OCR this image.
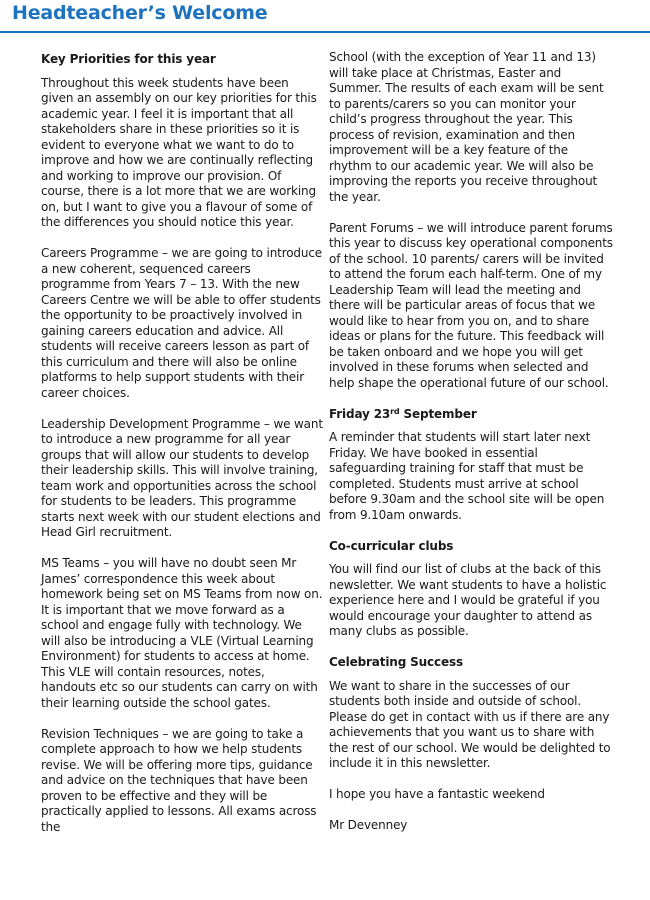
Headteacher’s Welcome
Key Priorities for this year

Throughout this week students have been given an assembly on our key priorities for this academic year. I feel it is important that all stakeholders share in these priorities so it is evident to everyone what we want to do to improve and how we are continually reflecting and working to improve our provision. Of course, there is a lot more that we are working on, but I want to give you a flavour of some of the differences you should notice this year.

Careers Programme – we are going to introduce a new coherent, sequenced careers programme from Years 7 – 13. With the new Careers Centre we will be able to offer students the opportunity to be proactively involved in gaining careers education and advice. All students will receive careers lesson as part of this curriculum and there will also be online platforms to help support students with their career choices.

Leadership Development Programme – we want to introduce a new programme for all year groups that will allow our students to develop their leadership skills. This will involve training, team work and opportunities across the school for students to be leaders. This programme starts next week with our student elections and Head Girl recruitment.

MS Teams – you will have no doubt seen Mr James’ correspondence this week about homework being set on MS Teams from now on. It is important that we move forward as a school and engage fully with technology. We will also be introducing a VLE (Virtual Learning Environment) for students to access at home. This VLE will contain resources, notes, handouts etc so our students can carry on with their learning outside the school gates.

Revision Techniques – we are going to take a complete approach to how we help students revise. We will be offering more tips, guidance and advice on the techniques that have been proven to be effective and they will be practically applied to lessons. All exams across the

School (with the exception of Year 11 and 13) will take place at Christmas, Easter and Summer. The results of each exam will be sent to parents/carers so you can monitor your child’s progress throughout the year. This process of revision, examination and then improvement will be a key feature of the rhythm to our academic year. We will also be improving the reports you receive throughout the year.

Parent Forums – we will introduce parent forums this year to discuss key operational components of the school. 10 parents/ carers will be invited to attend the forum each half-term. One of my Leadership Team will lead the meeting and there will be particular areas of focus that we would like to hear from you on, and to share ideas or plans for the future. This feedback will be taken onboard and we hope you will get involved in these forums when selected and help shape the operational future of our school.

Friday 23rd September

A reminder that students will start later next Friday. We have booked in essential safeguarding training for staff that must be completed. Students must arrive at school before 9.30am and the school site will be open from 9.10am onwards.

Co-curricular clubs

You will find our list of clubs at the back of this newsletter. We want students to have a holistic experience here and I would be grateful if you would encourage your daughter to attend as many clubs as possible.

Celebrating Success

We want to share in the successes of our students both inside and outside of school. Please do get in contact with us if there are any achievements that you want us to share with the rest of our school. We would be delighted to include it in this newsletter.

I hope you have a fantastic weekend

Mr Devenney
